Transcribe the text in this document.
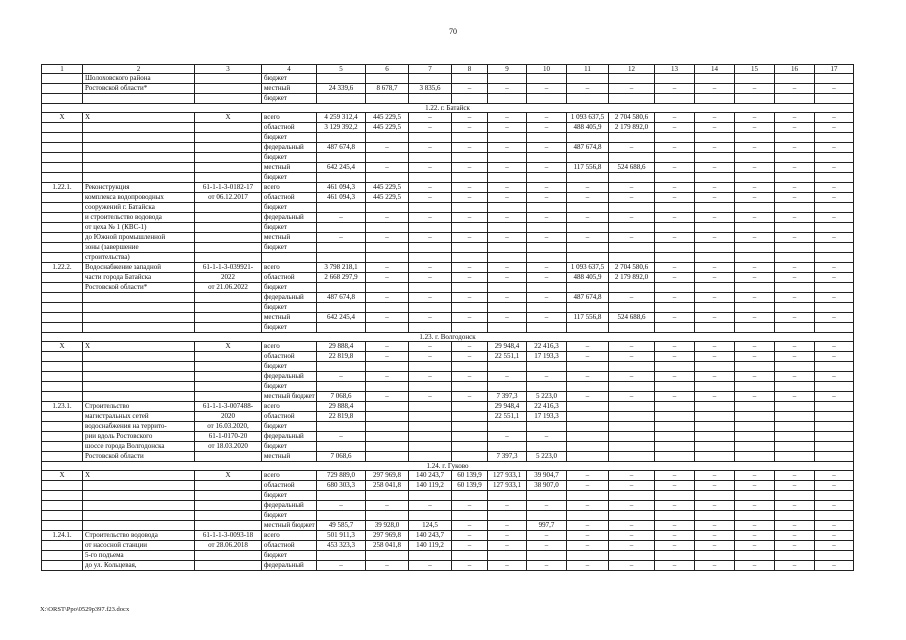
70
1	2	3	4	5	6	7	8	9	10	11	12	13	14	15	16	17
	Шолоховского района		бюджет													
	Ростовской области*		местный	24 339,6	8 678,7	3 835,6	–	–	–	–	–	–	–	–	–	–
			бюджет													
1.22. г. Батайск																
Х	Х	Х	всего	4 259 312,4	445 229,5	–	–	–	–	1 093 637,5	2 704 580,6	–	–	–	–	–
			областной	3 129 392,2	445 229,5	–	–	–	–	488 405,9	2 179 892,0	–	–	–	–	–
			бюджет													
			федеральный	487 674,8	–	–	–	–	–	487 674,8	–	–	–	–	–	–
			бюджет													
			местный	642 245,4	–	–	–	–	–	117 556,8	524 688,6	–	–	–	–	–
			бюджет													
1.22.1.	Реконструкция	61-1-1-3-0182-17	всего	461 094,3	445 229,5	–	–	–	–	–	–	–	–	–	–	–
	комплекса водопроводных	от 06.12.2017	областной	461 094,3	445 229,5	–	–	–	–	–	–	–	–	–	–	–
	сооружений г. Батайска		бюджет													
	и строительство водовода		федеральный	–	–	–	–	–	–	–	–	–	–	–	–	–
	от цеха № 1 (КВС-1)		бюджет													
	до Южной промышленной		местный	–	–	–	–	–	–	–	–	–	–	–	–	–
	зоны (завершение		бюджет													
	строительства)															
1.22.2.	Водоснабжение западной	61-1-1-3-039921-	всего	3 798 218,1	–	–	–	–	–	1 093 637,5	2 704 580,6	–	–	–	–	–
	части города Батайска	2022	областной	2 668 297,9	–	–	–	–	–	488 405,9	2 179 892,0	–	–	–	–	–
	Ростовской области*	от 21.06.2022	бюджет													
			федеральный	487 674,8	–	–	–	–	–	487 674,8	–	–	–	–	–	–
			бюджет													
			местный	642 245,4	–	–	–	–	–	117 556,8	524 688,6	–	–	–	–	–
			бюджет													
1.23. г. Волгодонск																
Х	Х	Х	всего	29 888,4	–	–	–	29 948,4	22 416,3	–	–	–	–	–	–	–
			областной	22 819,8	–	–	–	22 551,1	17 193,3	–	–	–	–	–	–	–
			бюджет													
			федеральный	–	–	–	–	–	–	–	–	–	–	–	–	–
			бюджет													
			местный бюджет	7 068,6	–	–	–	7 397,3	5 223,0	–	–	–	–	–	–	–
1.23.1.	Строительство	61-1-1-3-007488-	всего	29 888,4				29 948,4	22 416,3							
	магистральных сетей	2020	областной	22 819,8				22 551,1	17 193,3							
	водоснабжения на террито-	от 16.03.2020,	бюджет													
	рии вдоль Ростовского	61-1-0170-20	федеральный	–				–	–							
	шоссе города Волгодонска	от 18.03.2020	бюджет													
	Ростовской области		местный	7 068,6				7 397,3	5 223,0							
1.24. г. Гуково																
Х	Х	Х	всего	729 889,0	297 969,8	140 243,7	60 139,9	127 933,1	39 904,7	–	–	–	–	–	–	–
			областной	680 303,3	258 041,8	140 119,2	60 139,9	127 933,1	38 907,0	–	–	–	–	–	–	–
			бюджет													
			федеральный	–	–	–	–	–	–	–	–	–	–	–	–	–
			бюджет													
			местный бюджет	49 585,7	39 928,0	124,5	–	–	997,7	–	–	–	–	–	–	–
1.24.1.	Строительство водовода	61-1-1-3-0093-18	всего	501 911,3	297 969,8	140 243,7	–	–	–	–	–	–	–	–	–	–
	от насосной станции	от 28.06.2018	областной	453 323,3	258 041,8	140 119,2	–	–	–	–	–	–	–	–	–	–
	5-го подъема		бюджет													
	до ул. Кольцевая,		федеральный	–	–	–	–	–	–	–	–	–	–	–	–	–
X:\ORST\Ppo\0529p397.f23.docx
